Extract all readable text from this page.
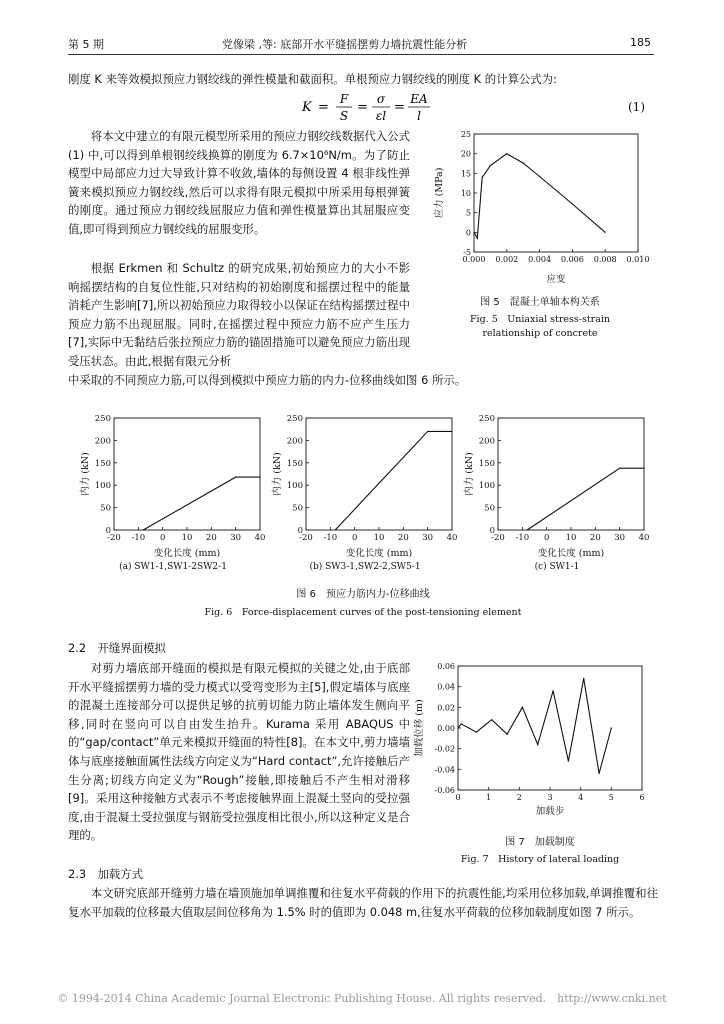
第 5 期	党像梁 ,等: 底部开水平缝摇摆剪力墙抗震性能分析	185
刚度 K 来等效模拟预应力钢绞线的弹性模量和截面积。单根预应力钢绞线的刚度 K 的计算公式为:
K =
F
S
=
σ
εl
=
EA
l
(1)
将本文中建立的有限元模型所采用的预应力钢绞线数据代入公式 (1) 中,可以得到单根钢绞线换算的刚度为 6.7×10⁶N/m。为了防止模型中局部应力过大导致计算不收敛,墙体的每侧设置 4 根非线性弹簧来模拟预应力钢绞线,然后可以求得有限元模拟中所采用每根弹簧的刚度。通过预应力钢绞线屈服应力值和弹性模量算出其屈服应变值,即可得到预应力钢绞线的屈服变形。
根据 Erkmen 和 Schultz 的研究成果,初始预应力的大小不影响摇摆结构的自复位性能,只对结构的初始刚度和摇摆过程中的能量消耗产生影响[7],所以初始预应力取得较小以保证在结构摇摆过程中预应力筋不出现屈服。同时,在摇摆过程中预应力筋不应产生压力[7],实际中无黏结后张拉预应力筋的锚固措施可以避免预应力筋出现受压状态。由此,根据有限元分析
中采取的不同预应力筋,可以得到模拟中预应力筋的内力-位移曲线如图 6 所示。
0.000 0.002 0.004 0.006 0.008 0.010
-5
0
5
10
15
20
25
应变
应力 (MPa)
图 5　混凝土单轴本构关系
Fig. 5　Uniaxial stress-strain
relationship of concrete
-20 -10 0 10 20 30 40
0
50
100
150
200
250
变化长度 (mm)
内力 (kN)
-20 -10 0 10 20 30 40
0
50
100
150
200
250
变化长度 (mm)
内力 (kN)
-20 -10 0 10 20 30 40
0
50
100
150
200
250
变化长度 (mm)
内力 (kN)
(a) SW1-1,SW1-2SW2-1	(b) SW3-1,SW2-2,SW5-1	(c) SW1-1
图 6　预应力筋内力-位移曲线
Fig. 6　Force-displacement curves of the post-tensioning element
2.2　开缝界面模拟
对剪力墙底部开缝面的模拟是有限元模拟的关键之处,由于底部开水平缝摇摆剪力墙的受力模式以受弯变形为主[5],假定墙体与底座的混凝土连接部分可以提供足够的抗剪切能力防止墙体发生侧向平移,同时在竖向可以自由发生抬升。Kurama 采用 ABAQUS 中的“gap/contact”单元来模拟开缝面的特性[8]。在本文中,剪力墙墙体与底座接触面属性法线方向定义为“Hard contact”,允许接触后产生分离;切线方向定义为“Rough”接触,即接触后不产生相对滑移[9]。采用这种接触方式表示不考虑接触界面上混凝土竖向的受拉强度,由于混凝土受拉强度与钢筋受拉强度相比很小,所以这种定义是合理的。
0	1	2	3	4	5	6
-0.06
-0.04
-0.02
0.00
0.02
0.04
0.06
加载步
加载位移 (m)
图 7　加载制度
Fig. 7　History of lateral loading
2.3　加载方式
本文研究底部开缝剪力墙在墙顶施加单调推覆和往复水平荷载的作用下的抗震性能,均采用位移加载,单调推覆和往复水平加载的位移最大值取层间位移角为 1.5% 时的值即为 0.048 m,往复水平荷载的位移加载制度如图 7 所示。
© 1994-2014 China Academic Journal Electronic Publishing House. All rights reserved.　http://www.cnki.net
